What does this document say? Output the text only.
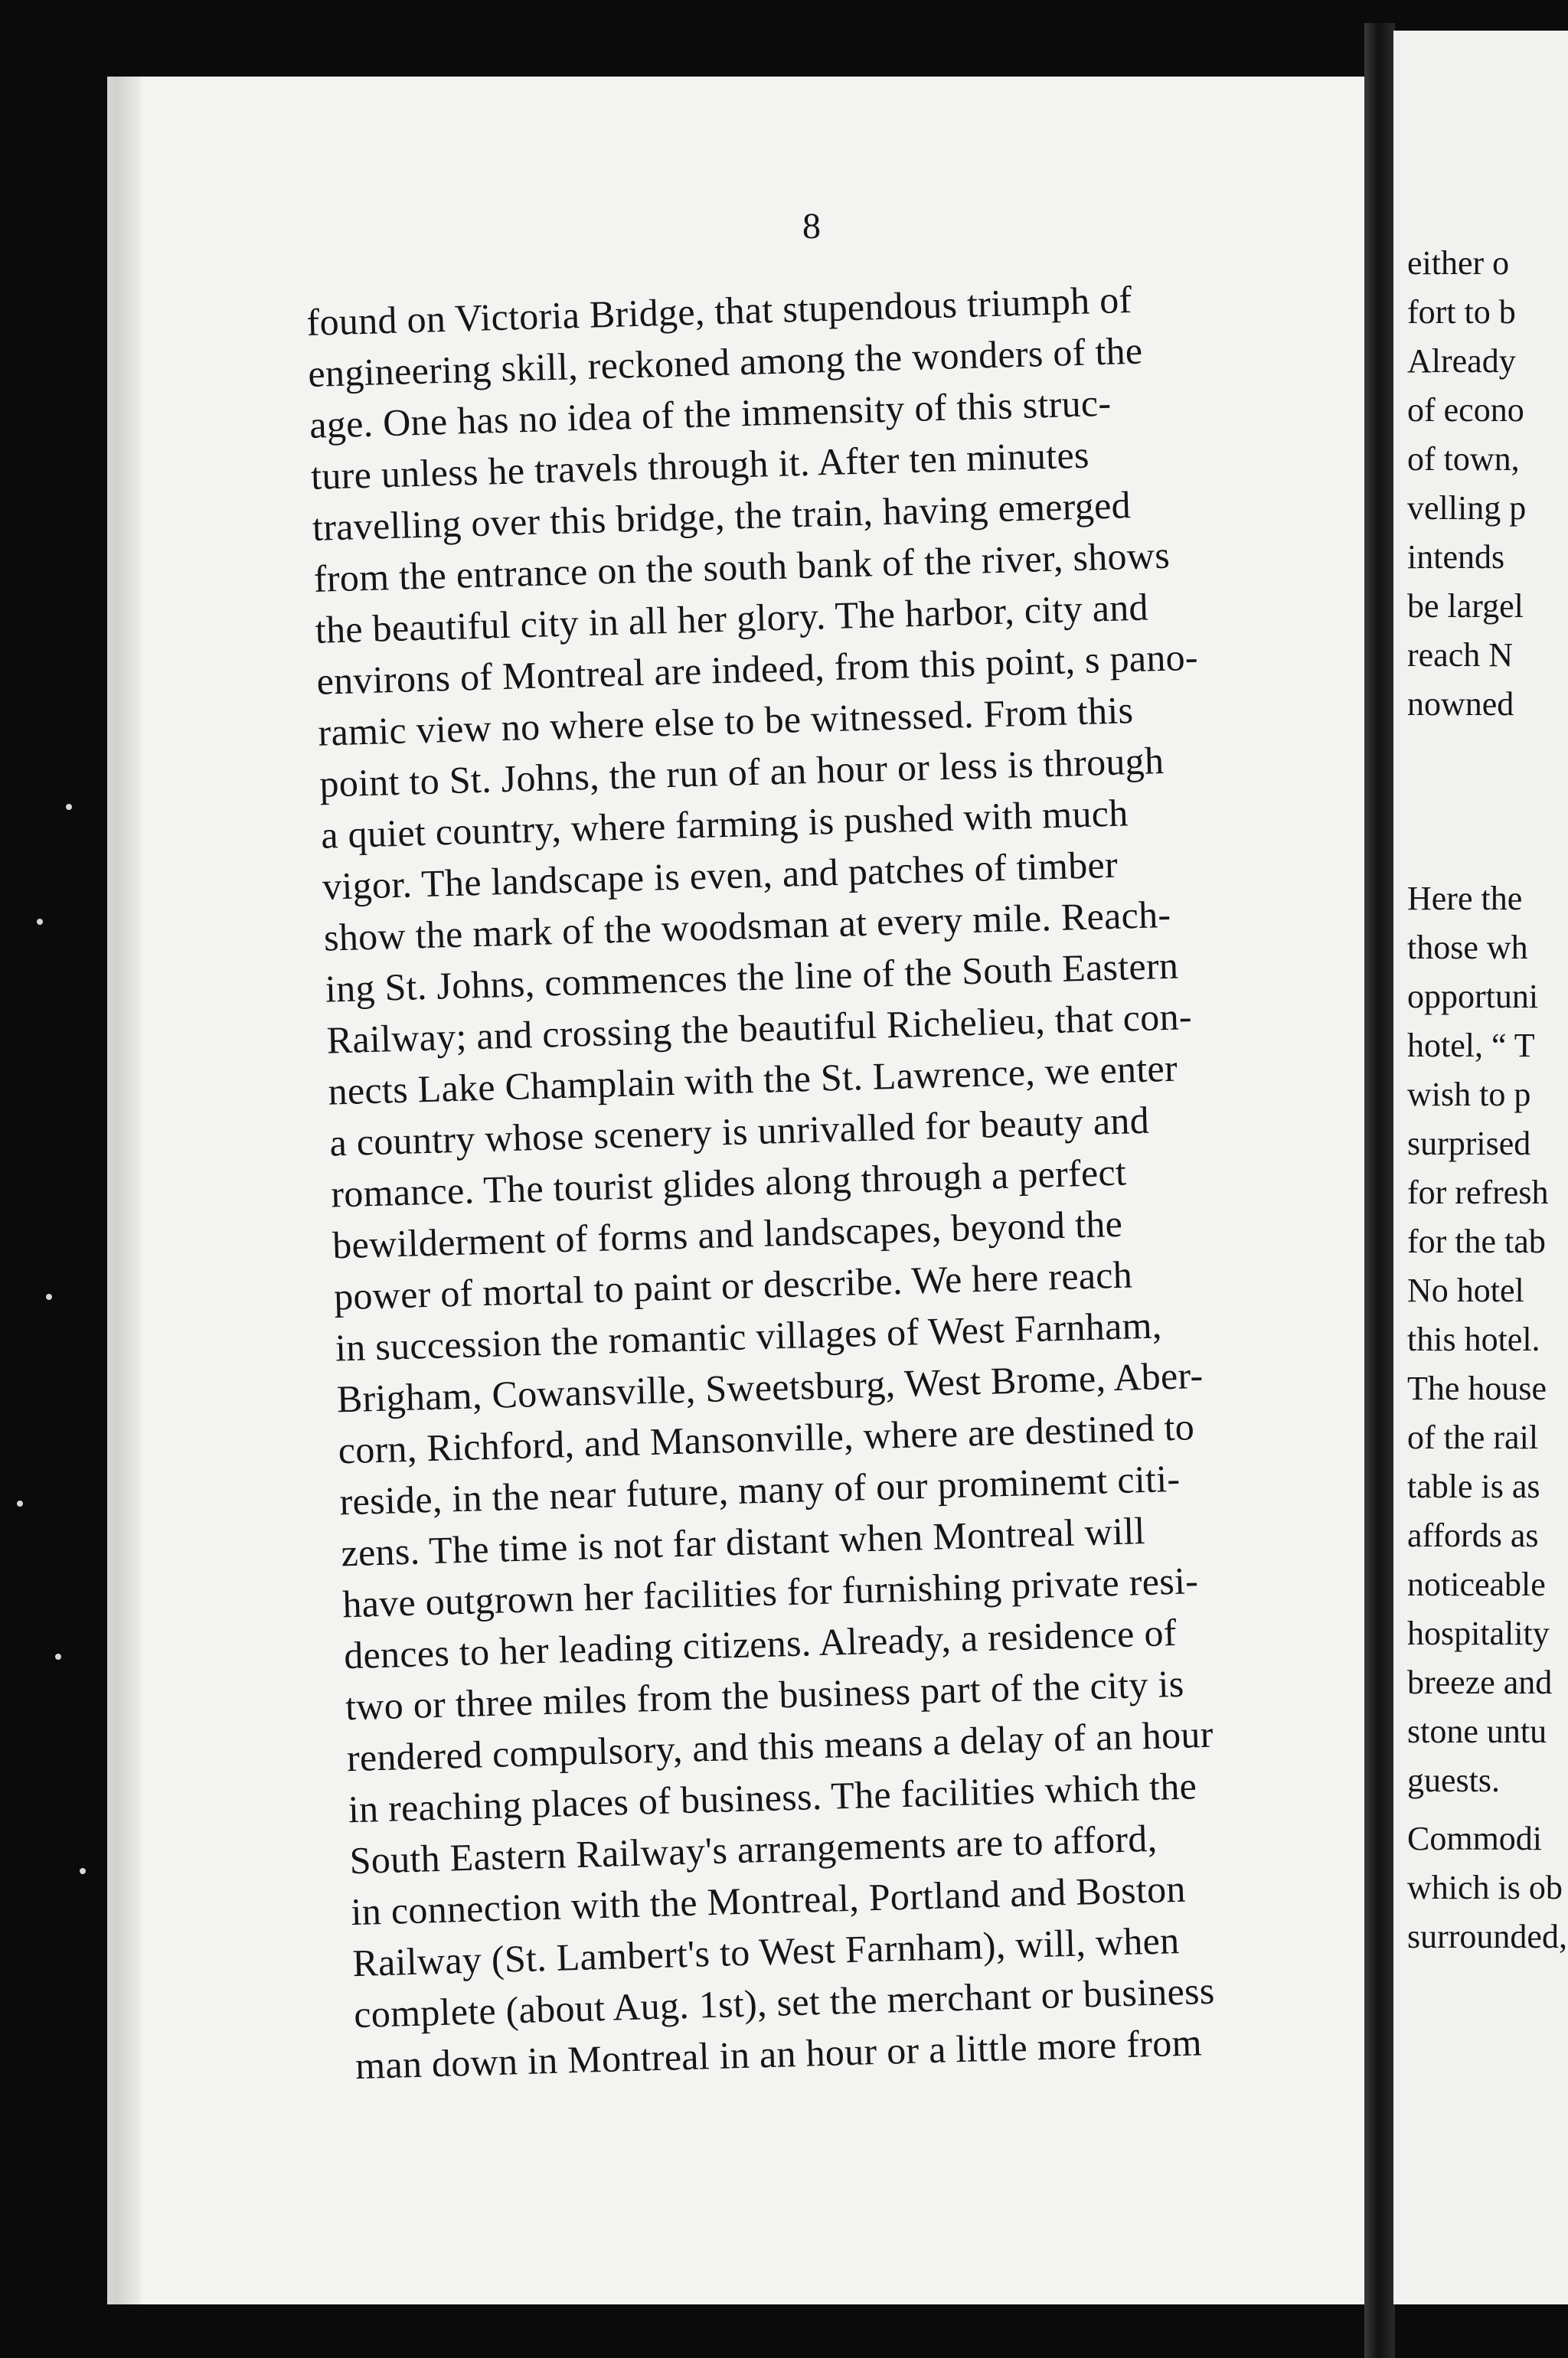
8
found on Victoria Bridge, that stupendous triumph of
engineering skill, reckoned among the wonders of the
age. One has no idea of the immensity of this struc-
ture unless he travels through it. After ten minutes
travelling over this bridge, the train, having emerged
from the entrance on the south bank of the river, shows
the beautiful city in all her glory. The harbor, city and
environs of Montreal are indeed, from this point, s pano-
ramic view no where else to be witnessed. From this
point to St. Johns, the run of an hour or less is through
a quiet country, where farming is pushed with much
vigor. The landscape is even, and patches of timber
show the mark of the woodsman at every mile. Reach-
ing St. Johns, commences the line of the South Eastern
Railway; and crossing the beautiful Richelieu, that con-
nects Lake Champlain with the St. Lawrence, we enter
a country whose scenery is unrivalled for beauty and
romance. The tourist glides along through a perfect
bewilderment of forms and landscapes, beyond the
power of mortal to paint or describe. We here reach
in succession the romantic villages of West Farnham,
Brigham, Cowansville, Sweetsburg, West Brome, Aber-
corn, Richford, and Mansonville, where are destined to
reside, in the near future, many of our prominemt citi-
zens. The time is not far distant when Montreal will
have outgrown her facilities for furnishing private resi-
dences to her leading citizens. Already, a residence of
two or three miles from the business part of the city is
rendered compulsory, and this means a delay of an hour
in reaching places of business. The facilities which the
South Eastern Railway's arrangements are to afford,
in connection with the Montreal, Portland and Boston
Railway (St. Lambert's to West Farnham), will, when
complete (about Aug. 1st), set the merchant or business
man down in Montreal in an hour or a little more from
either o
fort to b
Already
of econo
of town,
velling p
intends
be largel
reach N
nowned
Here the
those wh
opportuni
hotel, “ T
wish to p
surprised
for refresh
for the tab
No hotel
this hotel.
The house
of the rail
table is as
affords as
noticeable
hospitality
breeze and
stone untu
guests.
Commodi
which is ob
surrounded,
